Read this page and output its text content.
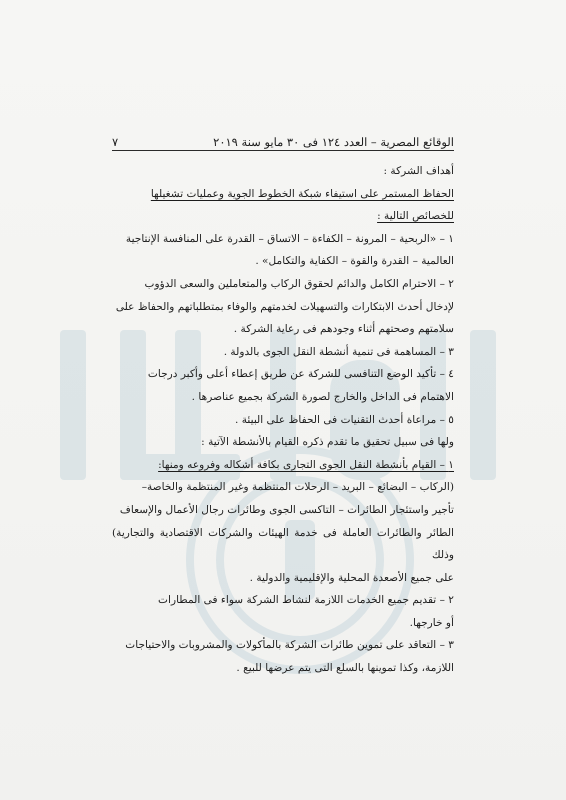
الوقائع المصرية – العدد ١٢٤ فى ٣٠ مايو سنة ٢٠١٩
٧

أهداف الشركة :

الحفاظ المستمر على استيفاء شبكة الخطوط الجوية وعمليات تشغيلها

للخصائص التالية :

١ – «الربحية – المرونة – الكفاءة – الاتساق – القدرة على المنافسة الإنتاجية

العالمية – القدرة والقوة – الكفاية والتكامل» .

٢ – الاحترام الكامل والدائم لحقوق الركاب والمتعاملين والسعى الدؤوب

لإدخال أحدث الابتكارات والتسهيلات لخدمتهم والوفاء بمتطلباتهم والحفاظ على

سلامتهم وصحتهم أثناء وجودهم فى رعاية الشركة .

٣ – المساهمة فى تنمية أنشطة النقل الجوى بالدولة .

٤ – تأكيد الوضع التنافسى للشركة عن طريق إعطاء أعلى وأكبر درجات

الاهتمام فى الداخل والخارج لصورة الشركة بجميع عناصرها .

٥ – مراعاة أحدث التقنيات فى الحفاظ على البيئة .

ولها فى سبيل تحقيق ما تقدم ذكره القيام بالأنشطة الآتية :

١ – القيام بأنشطة النقل الجوى التجارى بكافة أشكاله وفروعه ومنها:

(الركاب – البضائع – البريد – الرحلات المنتظمة وغير المنتظمة والخاصة–

تأجير واستئجار الطائرات – التاكسى الجوى وطائرات رجال الأعمال والإسعاف

الطائر والطائرات العاملة فى خدمة الهيئات والشركات الاقتصادية والتجارية) وذلك

على جميع الأصعدة المحلية والإقليمية والدولية .

٢ – تقديم جميع الخدمات اللازمة لنشاط الشركة سواء فى المطارات

أو خارجها.

٣ – التعاقد على تموين طائرات الشركة بالمأكولات والمشروبات والاحتياجات

اللازمة، وكذا تموينها بالسلع التى يتم عرضها للبيع .
